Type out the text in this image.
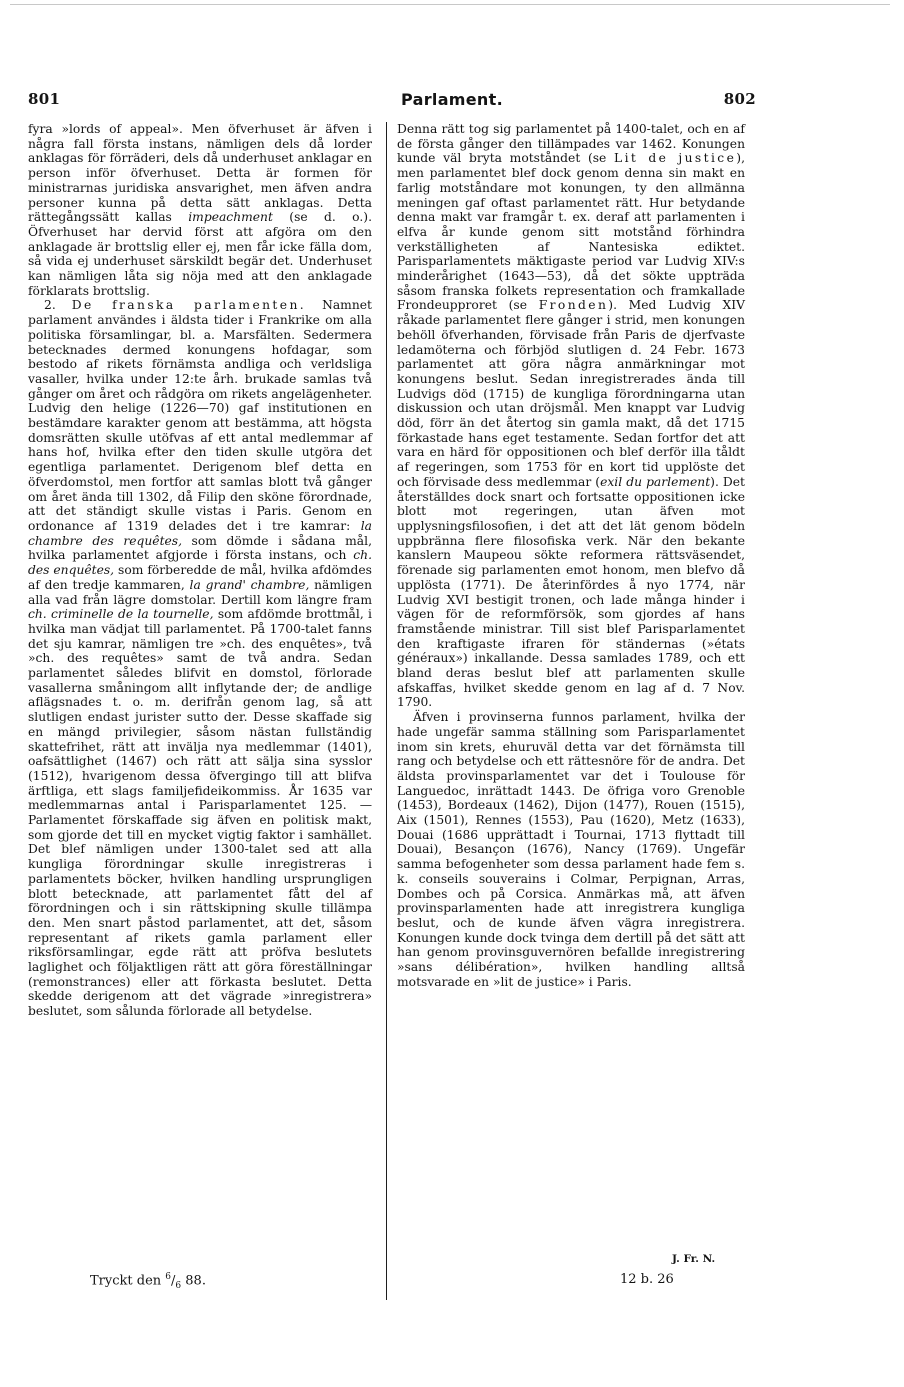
801	Parlament.	802

fyra »lords of appeal». Men öfverhuset är äfven i några fall första instans, nämligen dels då lorder anklagas för förräderi, dels då underhuset anklagar en person inför öfverhuset. Detta är formen för ministrarnas juridiska ansvarighet, men äfven andra personer kunna på detta sätt anklagas. Detta rättegångssätt kallas impeachment (se d. o.). Öfverhuset har dervid först att afgöra om den anklagade är brottslig eller ej, men får icke fälla dom, så vida ej underhuset särskildt begär det. Underhuset kan nämligen låta sig nöja med att den anklagade förklarats brottslig.

2. De franska parlamenten. Namnet parlament användes i äldsta tider i Frankrike om alla politiska församlingar, bl. a. Marsfälten. Sedermera betecknades dermed konungens hofdagar, som bestodo af rikets förnämsta andliga och verldsliga vasaller, hvilka under 12:te årh. brukade samlas två gånger om året och rådgöra om rikets angelägenheter. Ludvig den helige (1226—70) gaf institutionen en bestämdare karakter genom att bestämma, att högsta domsrätten skulle utöfvas af ett antal medlemmar af hans hof, hvilka efter den tiden skulle utgöra det egentliga parlamentet. Derigenom blef detta en öfverdomstol, men fortfor att samlas blott två gånger om året ända till 1302, då Filip den sköne förordnade, att det ständigt skulle vistas i Paris. Genom en ordonance af 1319 delades det i tre kamrar: la chambre des requêtes, som dömde i sådana mål, hvilka parlamentet afgjorde i första instans, och ch. des enquêtes, som förberedde de mål, hvilka afdömdes af den tredje kammaren, la grand' chambre, nämligen alla vad från lägre domstolar. Dertill kom längre fram ch. criminelle de la tournelle, som afdömde brottmål, i hvilka man vädjat till parlamentet. På 1700-talet fanns det sju kamrar, nämligen tre »ch. des enquêtes», två »ch. des requêtes» samt de två andra. Sedan parlamentet således blifvit en domstol, förlorade vasallerna småningom allt inflytande der; de andlige aflägsnades t. o. m. derifrån genom lag, så att slutligen endast jurister sutto der. Desse skaffade sig en mängd privilegier, såsom nästan fullständig skattefrihet, rätt att invälja nya medlemmar (1401), oafsättlighet (1467) och rätt att sälja sina sysslor (1512), hvarigenom dessa öfvergingo till att blifva ärftliga, ett slags familjefideikommiss. År 1635 var medlemmarnas antal i Parisparlamentet 125. — Parlamentet förskaffade sig äfven en politisk makt, som gjorde det till en mycket vigtig faktor i samhället. Det blef nämligen under 1300-talet sed att alla kungliga förordningar skulle inregistreras i parlamentets böcker, hvilken handling ursprungligen blott betecknade, att parlamentet fått del af förordningen och i sin rättskipning skulle tillämpa den. Men snart påstod parlamentet, att det, såsom representant af rikets gamla parlament eller riksförsamlingar, egde rätt att pröfva beslutets laglighet och följaktligen rätt att göra föreställningar (remonstrances) eller att förkasta beslutet. Detta skedde derigenom att det vägrade »inregistrera» beslutet, som sålunda förlorade all betydelse.

Denna rätt tog sig parlamentet på 1400-talet, och en af de första gånger den tillämpades var 1462. Konungen kunde väl bryta motståndet (se Lit de justice), men parlamentet blef dock genom denna sin makt en farlig motståndare mot konungen, ty den allmänna meningen gaf oftast parlamentet rätt. Hur betydande denna makt var framgår t. ex. deraf att parlamenten i elfva år kunde genom sitt motstånd förhindra verkställigheten af Nantesiska ediktet. Parisparlamentets mäktigaste period var Ludvig XIV:s minderårighet (1643—53), då det sökte uppträda såsom franska folkets representation och framkallade Frondeupproret (se Fronden). Med Ludvig XIV råkade parlamentet flere gånger i strid, men konungen behöll öfverhanden, förvisade från Paris de djerfvaste ledamöterna och förbjöd slutligen d. 24 Febr. 1673 parlamentet att göra några anmärkningar mot konungens beslut. Sedan inregistrerades ända till Ludvigs död (1715) de kungliga förordningarna utan diskussion och utan dröjsmål. Men knappt var Ludvig död, förr än det återtog sin gamla makt, då det 1715 förkastade hans eget testamente. Sedan fortfor det att vara en härd för oppositionen och blef derför illa tåldt af regeringen, som 1753 för en kort tid upplöste det och förvisade dess medlemmar (exil du parlement). Det återställdes dock snart och fortsatte oppositionen icke blott mot regeringen, utan äfven mot upplysningsfilosofien, i det att det lät genom bödeln uppbränna flere filosofiska verk. När den bekante kanslern Maupeou sökte reformera rättsväsendet, förenade sig parlamenten emot honom, men blefvo då upplösta (1771). De återinfördes å nyo 1774, när Ludvig XVI bestigit tronen, och lade många hinder i vägen för de reformförsök, som gjordes af hans framstående ministrar. Till sist blef Parisparlamentet den kraftigaste ifraren för ständernas (»états généraux») inkallande. Dessa samlades 1789, och ett bland deras beslut blef att parlamenten skulle afskaffas, hvilket skedde genom en lag af d. 7 Nov. 1790.

Äfven i provinserna funnos parlament, hvilka der hade ungefär samma ställning som Parisparlamentet inom sin krets, ehuruväl detta var det förnämsta till rang och betydelse och ett rättesnöre för de andra. Det äldsta provinsparlamentet var det i Toulouse för Languedoc, inrättadt 1443. De öfriga voro Grenoble (1453), Bordeaux (1462), Dijon (1477), Rouen (1515), Aix (1501), Rennes (1553), Pau (1620), Metz (1633), Douai (1686 upprättadt i Tournai, 1713 flyttadt till Douai), Besançon (1676), Nancy (1769). Ungefär samma befogenheter som dessa parlament hade fem s. k. conseils souverains i Colmar, Perpignan, Arras, Dombes och på Corsica. Anmärkas må, att äfven provinsparlamenten hade att inregistrera kungliga beslut, och de kunde äfven vägra inregistrera. Konungen kunde dock tvinga dem dertill på det sätt att han genom provinsguvernören befallde inregistrering »sans délibération», hvilken handling alltså motsvarade en »lit de justice» i Paris.

J. Fr. N.
Tryckt den $^6/_6$ 88.	12 b. 26
